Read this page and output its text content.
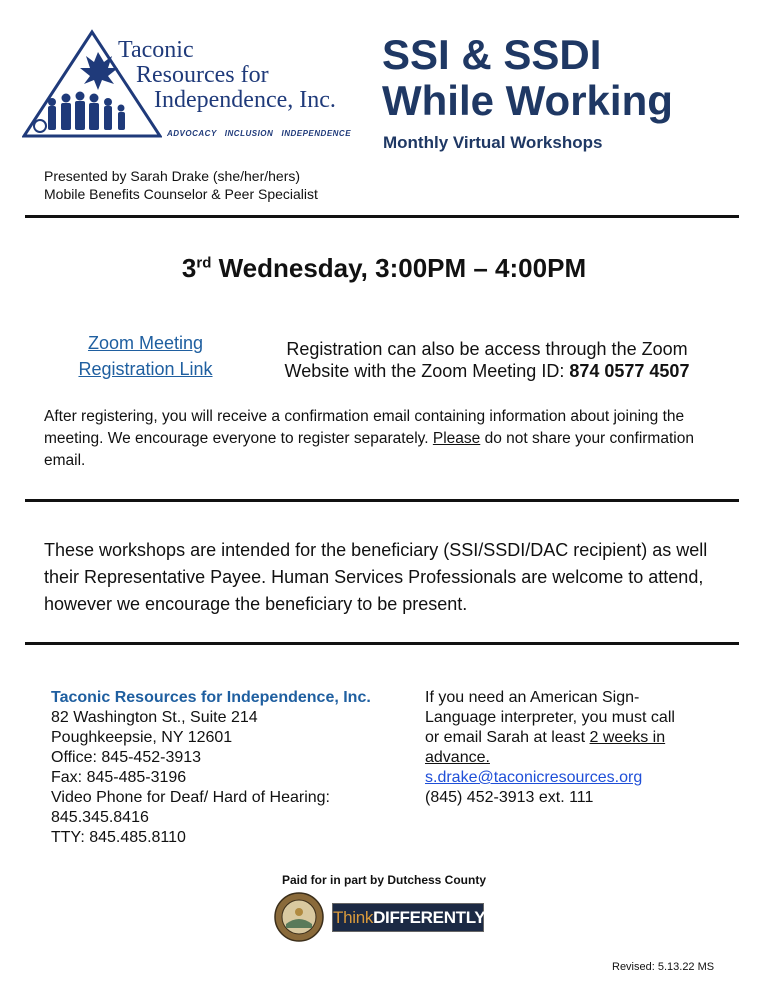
Taconic
Resources for
Independence, Inc.
ADVOCACY   INCLUSION   INDEPENDENCE
SSI & SSDI
While Working
Monthly Virtual Workshops
Presented by Sarah Drake (she/her/hers)
Mobile Benefits Counselor & Peer Specialist
3rd Wednesday, 3:00PM – 4:00PM
Zoom Meeting
Registration Link
Registration can also be access through the Zoom
Website with the Zoom Meeting ID: 874 0577 4507
After registering, you will receive a confirmation email containing information about joining the meeting. We encourage everyone to register separately. Please do not share your confirmation email.
These workshops are intended for the beneficiary (SSI/SSDI/DAC recipient) as well their Representative Payee. Human Services Professionals are welcome to attend, however we encourage the beneficiary to be present.
Taconic Resources for Independence, Inc.
82 Washington St., Suite 214
Poughkeepsie, NY 12601
Office: 845-452-3913
Fax: 845-485-3196
Video Phone for Deaf/ Hard of Hearing:
845.345.8416
TTY: 845.485.8110
If you need an American Sign-
Language interpreter, you must call
or email Sarah at least 2 weeks in
advance.
s.drake@taconicresources.org
(845) 452-3913 ext. 111
Paid for in part by Dutchess County
ThinkDIFFERENTLY.
Revised: 5.13.22 MS
